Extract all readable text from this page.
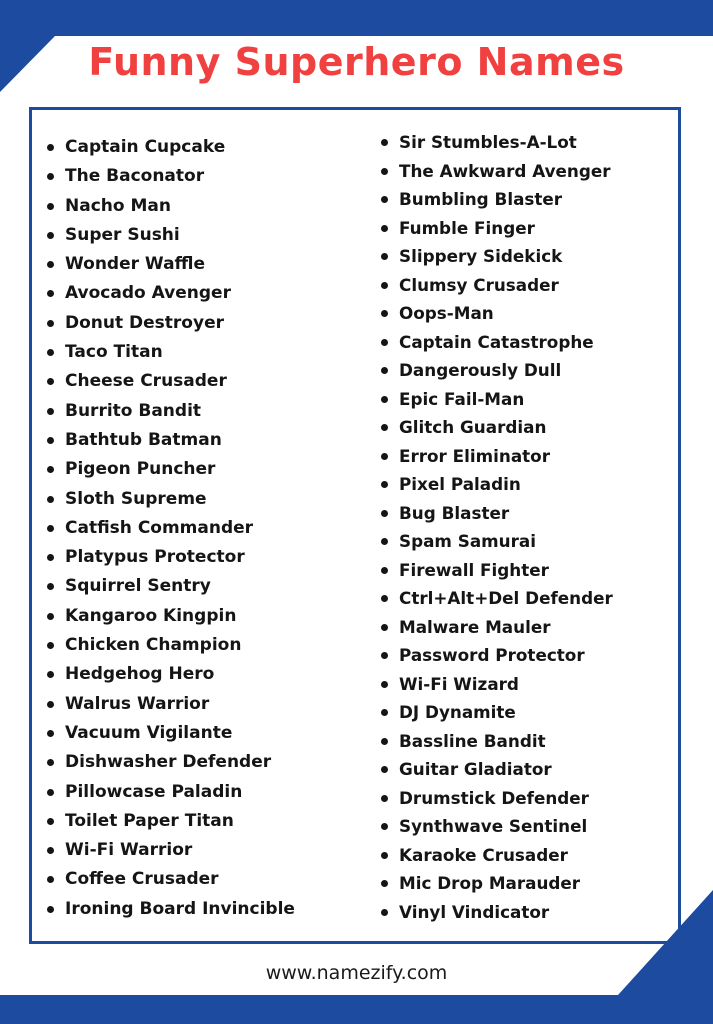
Funny Superhero Names
Captain Cupcake
The Baconator
Nacho Man
Super Sushi
Wonder Waffle
Avocado Avenger
Donut Destroyer
Taco Titan
Cheese Crusader
Burrito Bandit
Bathtub Batman
Pigeon Puncher
Sloth Supreme
Catfish Commander
Platypus Protector
Squirrel Sentry
Kangaroo Kingpin
Chicken Champion
Hedgehog Hero
Walrus Warrior
Vacuum Vigilante
Dishwasher Defender
Pillowcase Paladin
Toilet Paper Titan
Wi-Fi Warrior
Coffee Crusader
Ironing Board Invincible
Sir Stumbles-A-Lot
The Awkward Avenger
Bumbling Blaster
Fumble Finger
Slippery Sidekick
Clumsy Crusader
Oops-Man
Captain Catastrophe
Dangerously Dull
Epic Fail-Man
Glitch Guardian
Error Eliminator
Pixel Paladin
Bug Blaster
Spam Samurai
Firewall Fighter
Ctrl+Alt+Del Defender
Malware Mauler
Password Protector
Wi-Fi Wizard
DJ Dynamite
Bassline Bandit
Guitar Gladiator
Drumstick Defender
Synthwave Sentinel
Karaoke Crusader
Mic Drop Marauder
Vinyl Vindicator
www.namezify.com
